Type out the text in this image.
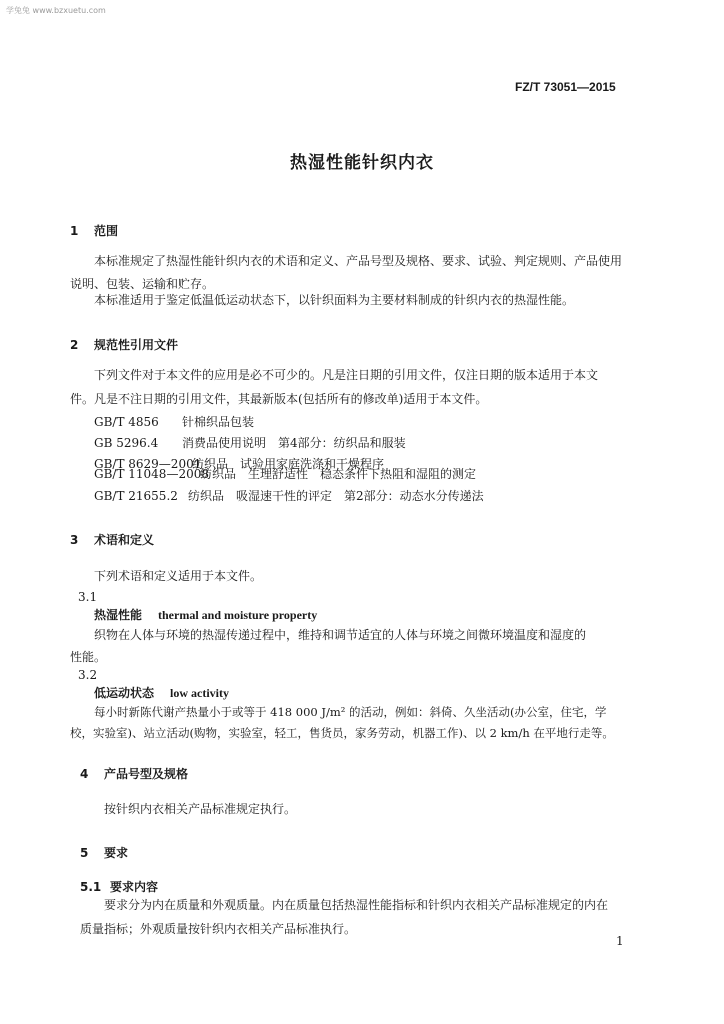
学兔兔 www.bzxuetu.com
FZ/T 73051—2015
热湿性能针织内衣
1 范围
本标准规定了热湿性能针织内衣的术语和定义、产品号型及规格、要求、试验、判定规则、产品使用
说明、包装、运输和贮存。
本标准适用于鉴定低温低运动状态下，以针织面料为主要材料制成的针织内衣的热湿性能。
2 规范性引用文件
下列文件对于本文件的应用是必不可少的。凡是注日期的引用文件，仅注日期的版本适用于本文
件。凡是不注日期的引用文件，其最新版本(包括所有的修改单)适用于本文件。
GB/T 4856 针棉织品包装
GB 5296.4 消费品使用说明　第4部分：纺织品和服装
GB/T 8629—2001纺织品　试验用家庭洗涤和干燥程序
GB/T 11048—2008纺织品　生理舒适性　稳态条件下热阻和湿阻的测定
GB/T 21655.2 纺织品　吸湿速干性的评定　第2部分：动态水分传递法
3 术语和定义
下列术语和定义适用于本文件。
3.1
热湿性能 thermal and moisture property
织物在人体与环境的热湿传递过程中，维持和调节适宜的人体与环境之间微环境温度和湿度的
性能。
3.2
低运动状态 low activity
每小时新陈代谢产热量小于或等于 418 000 J/m² 的活动，例如：斜倚、久坐活动(办公室，住宅，学
校，实验室)、站立活动(购物，实验室，轻工，售货员，家务劳动，机器工作)、以 2 km/h 在平地行走等。
4 产品号型及规格
按针织内衣相关产品标准规定执行。
5 要求
5.1 要求内容
要求分为内在质量和外观质量。内在质量包括热湿性能指标和针织内衣相关产品标准规定的内在
质量指标；外观质量按针织内衣相关产品标准执行。
1
